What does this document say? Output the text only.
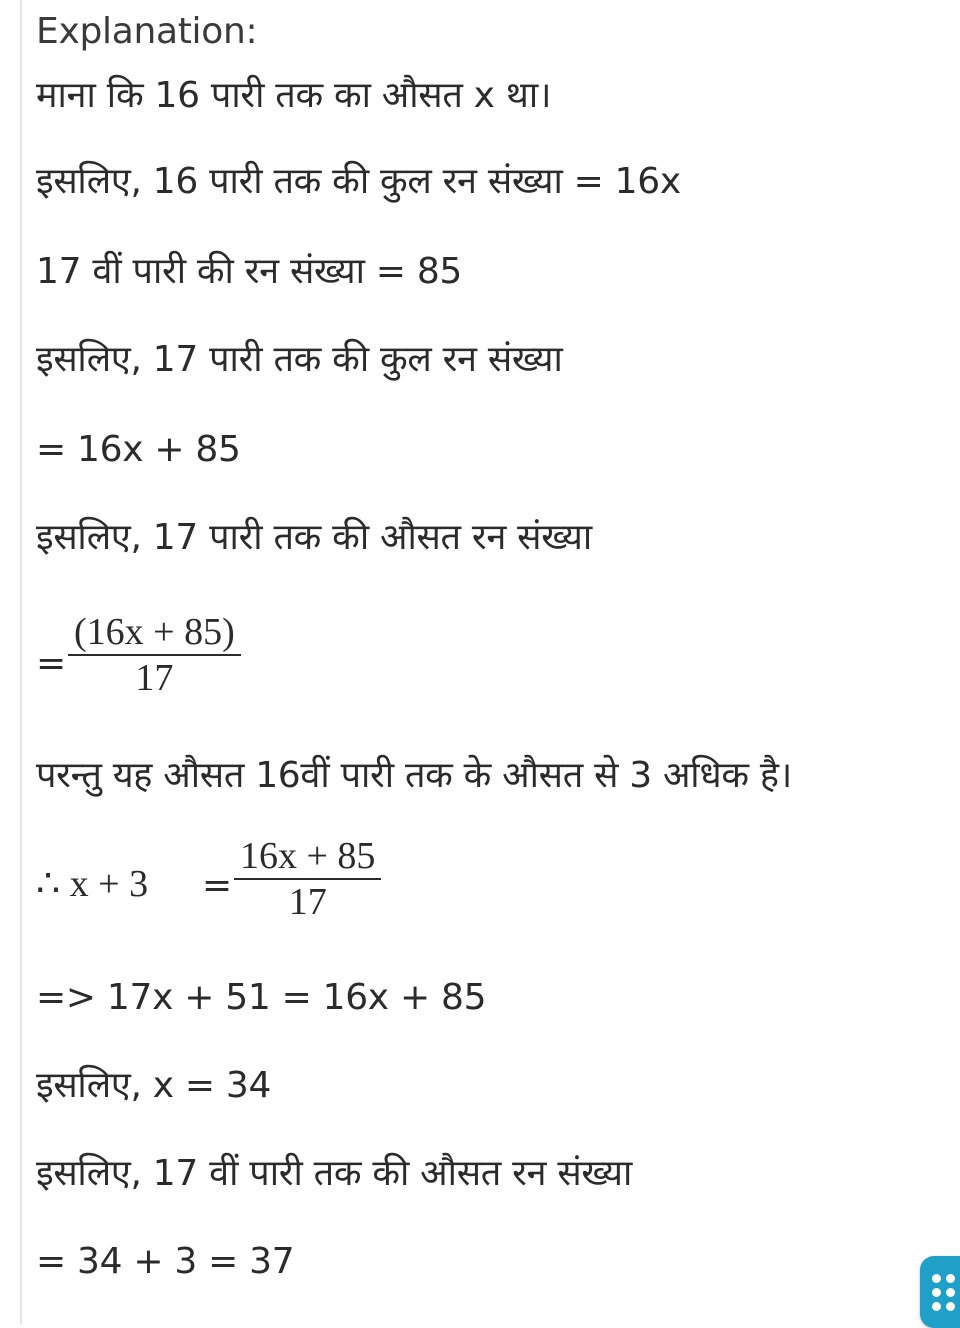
Explanation:
माना कि 16 पारी तक का औसत x था।
इसलिए, 16 पारी तक की कुल रन संख्या = 16x
17 वीं पारी की रन संख्या = 85
इसलिए, 17 पारी तक की कुल रन संख्या
= 16x + 85
इसलिए, 17 पारी तक की औसत रन संख्या
=
(16x + 85)
17
परन्तु यह औसत 16वीं पारी तक के औसत से 3 अधिक है।
∴ x + 3 =
16x + 85
17
=> 17x + 51 = 16x + 85
इसलिए, x = 34
इसलिए, 17 वीं पारी तक की औसत रन संख्या
= 34 + 3 = 37
